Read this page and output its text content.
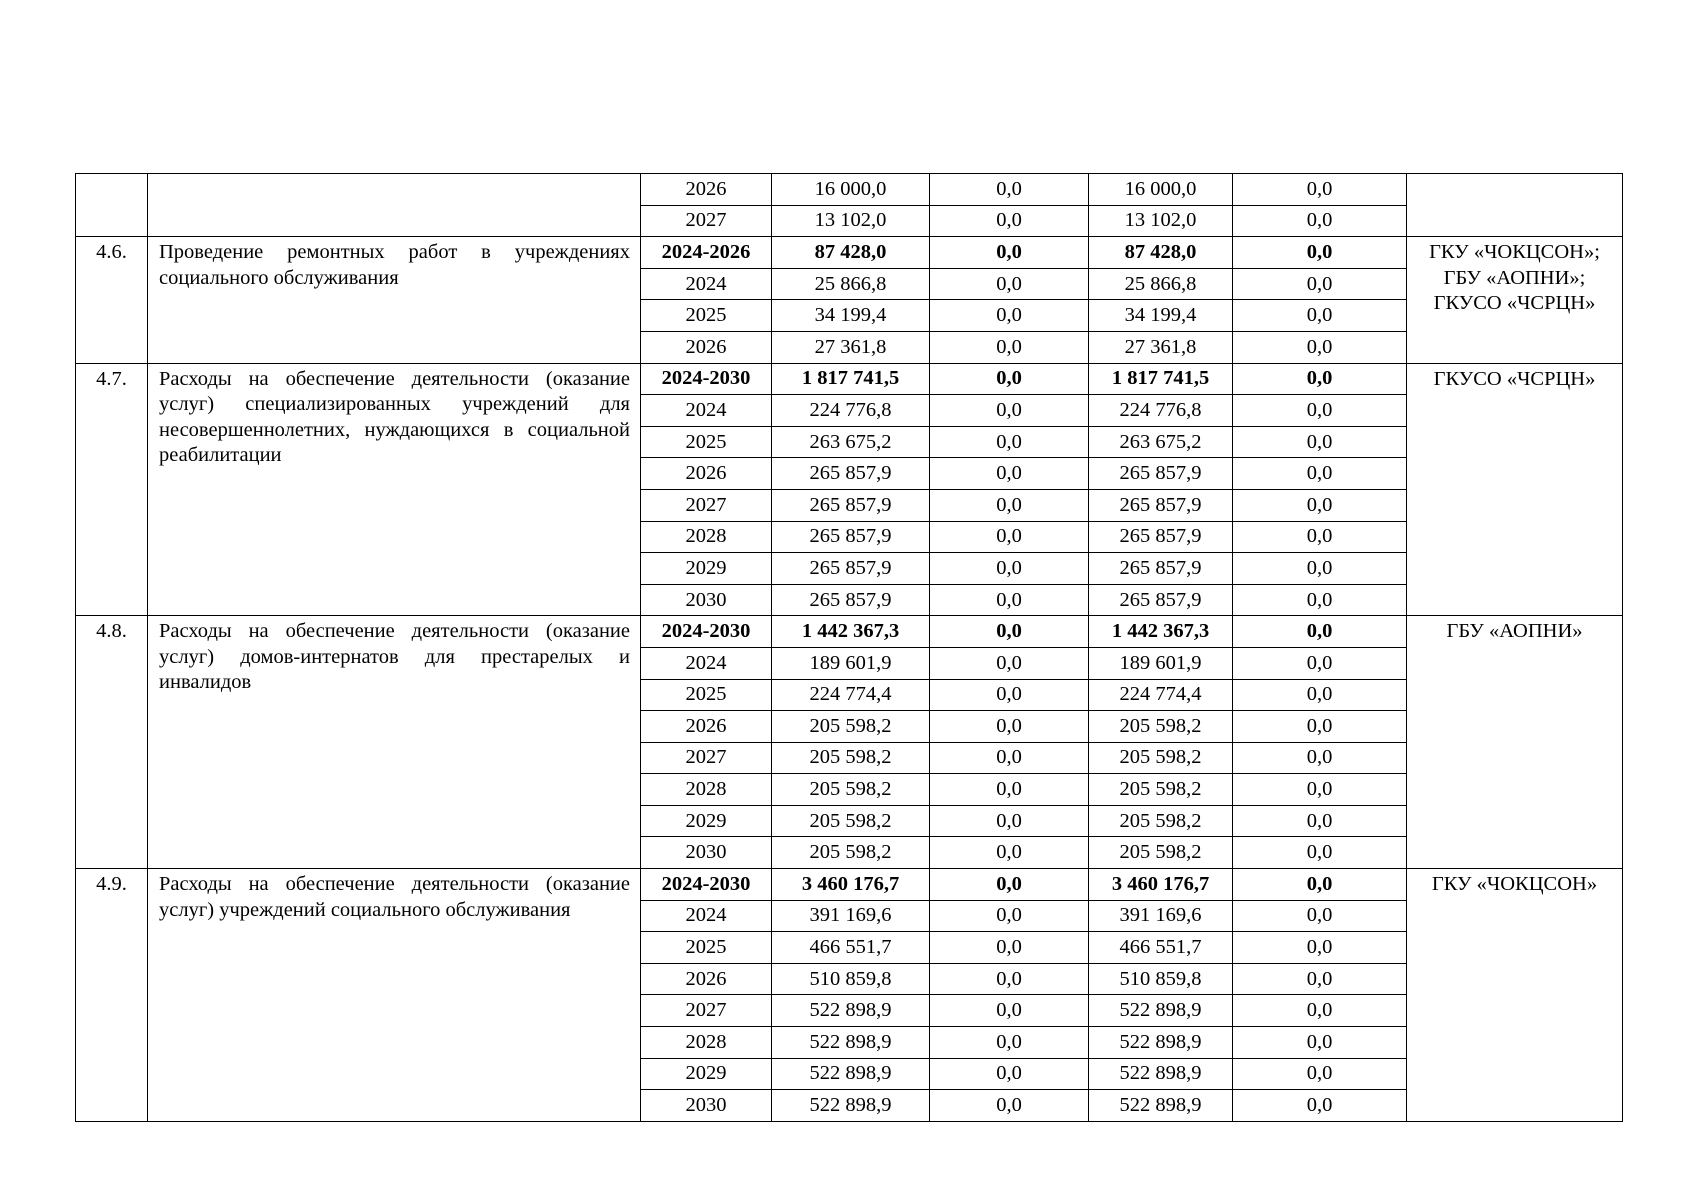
		2026	16 000,0	0,0	16 000,0	0,0	
		2027	13 102,0	0,0	13 102,0	0,0	
4.6.	Проведение ремонтных работ в учреждениях социального обслуживания	2024-2026	87 428,0	0,0	87 428,0	0,0	ГКУ «ЧОКЦСОН»; ГБУ «АОПНИ»; ГКУСО «ЧСРЦН»
		2024	25 866,8	0,0	25 866,8	0,0	
		2025	34 199,4	0,0	34 199,4	0,0	
		2026	27 361,8	0,0	27 361,8	0,0	
4.7.	Расходы на обеспечение деятельности (оказание услуг) специализированных учреждений для несовершеннолетних, нуждающихся в социальной реабилитации	2024-2030	1 817 741,5	0,0	1 817 741,5	0,0	ГКУСО «ЧСРЦН»
		2024	224 776,8	0,0	224 776,8	0,0	
		2025	263 675,2	0,0	263 675,2	0,0	
		2026	265 857,9	0,0	265 857,9	0,0	
		2027	265 857,9	0,0	265 857,9	0,0	
		2028	265 857,9	0,0	265 857,9	0,0	
		2029	265 857,9	0,0	265 857,9	0,0	
		2030	265 857,9	0,0	265 857,9	0,0	
4.8.	Расходы на обеспечение деятельности (оказание услуг) домов-интернатов для престарелых и инвалидов	2024-2030	1 442 367,3	0,0	1 442 367,3	0,0	ГБУ «АОПНИ»
		2024	189 601,9	0,0	189 601,9	0,0	
		2025	224 774,4	0,0	224 774,4	0,0	
		2026	205 598,2	0,0	205 598,2	0,0	
		2027	205 598,2	0,0	205 598,2	0,0	
		2028	205 598,2	0,0	205 598,2	0,0	
		2029	205 598,2	0,0	205 598,2	0,0	
		2030	205 598,2	0,0	205 598,2	0,0	
4.9.	Расходы на обеспечение деятельности (оказание услуг) учреждений социального обслуживания	2024-2030	3 460 176,7	0,0	3 460 176,7	0,0	ГКУ «ЧОКЦСОН»
		2024	391 169,6	0,0	391 169,6	0,0	
		2025	466 551,7	0,0	466 551,7	0,0	
		2026	510 859,8	0,0	510 859,8	0,0	
		2027	522 898,9	0,0	522 898,9	0,0	
		2028	522 898,9	0,0	522 898,9	0,0	
		2029	522 898,9	0,0	522 898,9	0,0	
		2030	522 898,9	0,0	522 898,9	0,0	
